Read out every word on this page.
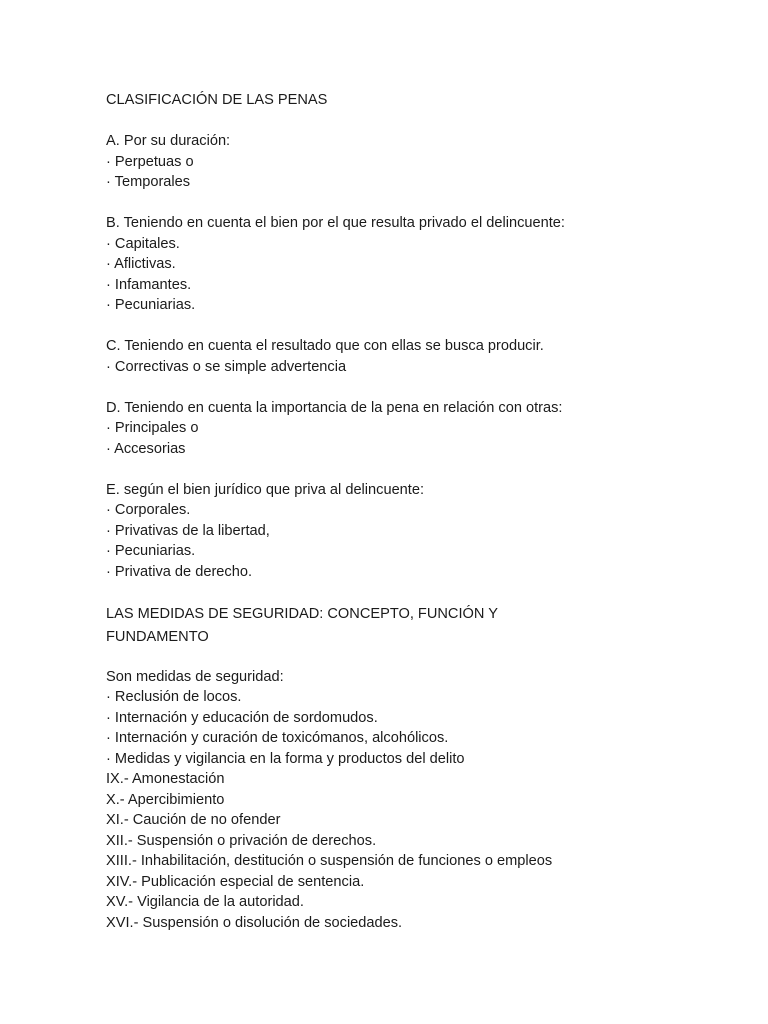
CLASIFICACIÓN DE LAS PENAS
A. Por su duración:
· Perpetuas o
· Temporales
B. Teniendo en cuenta el bien por el que resulta privado el delincuente:
· Capitales.
· Aflictivas.
· Infamantes.
· Pecuniarias.
C. Teniendo en cuenta el resultado que con ellas se busca producir.
· Correctivas o se simple advertencia
D. Teniendo en cuenta la importancia de la pena en relación con otras:
· Principales o
· Accesorias
E. según el bien jurídico que priva al delincuente:
· Corporales.
· Privativas de la libertad,
· Pecuniarias.
· Privativa de derecho.
LAS MEDIDAS DE SEGURIDAD: CONCEPTO, FUNCIÓN Y FUNDAMENTO
Son medidas de seguridad:
· Reclusión de locos.
· Internación y educación de sordomudos.
· Internación y curación de toxicómanos, alcohólicos.
· Medidas y vigilancia en la forma y productos del delito
IX.- Amonestación
X.- Apercibimiento
XI.- Caución de no ofender
XII.- Suspensión o privación de derechos.
XIII.- Inhabilitación, destitución o suspensión de funciones o empleos
XIV.- Publicación especial de sentencia.
XV.- Vigilancia de la autoridad.
XVI.- Suspensión o disolución de sociedades.
